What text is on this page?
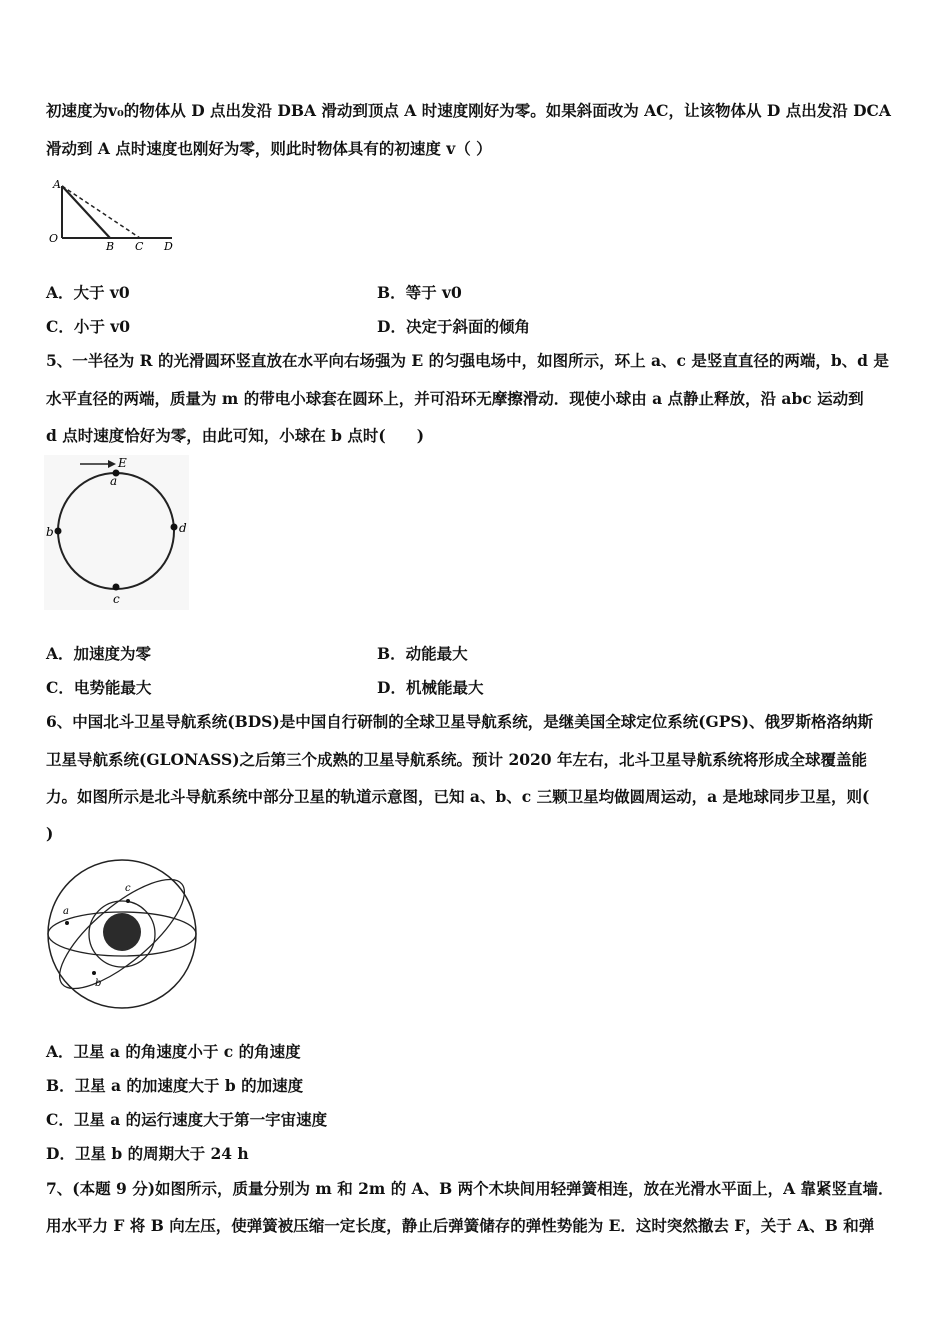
初速度为v₀的物体从 D 点出发沿 DBA 滑动到顶点 A 时速度刚好为零。如果斜面改为 AC，让该物体从 D 点出发沿 DCA
滑动到 A 点时速度也刚好为零，则此时物体具有的初速度 v（ ）
A
O
B C D
A．大于 v0	B．等于 v0
C．小于 v0	D．决定于斜面的倾角
5、一半径为 R 的光滑圆环竖直放在水平向右场强为 E 的匀强电场中，如图所示，环上 a、c 是竖直直径的两端，b、d 是
水平直径的两端，质量为 m 的带电小球套在圆环上，并可沿环无摩擦滑动．现使小球由 a 点静止释放，沿 abc 运动到
d 点时速度恰好为零，由此可知，小球在 b 点时(　　)
E
a
b	d
c
A．加速度为零	B．动能最大
C．电势能最大	D．机械能最大
6、中国北斗卫星导航系统(BDS)是中国自行研制的全球卫星导航系统，是继美国全球定位系统(GPS)、俄罗斯格洛纳斯
卫星导航系统(GLONASS)之后第三个成熟的卫星导航系统。预计 2020 年左右，北斗卫星导航系统将形成全球覆盖能
力。如图所示是北斗导航系统中部分卫星的轨道示意图，已知 a、b、c 三颗卫星均做圆周运动，a 是地球同步卫星，则(
)
a
c
b
A．卫星 a 的角速度小于 c 的角速度
B．卫星 a 的加速度大于 b 的加速度
C．卫星 a 的运行速度大于第一宇宙速度
D．卫星 b 的周期大于 24 h
7、(本题 9 分)如图所示，质量分别为 m 和 2m 的 A、B 两个木块间用轻弹簧相连，放在光滑水平面上，A 靠紧竖直墙．
用水平力 F 将 B 向左压，使弹簧被压缩一定长度，静止后弹簧储存的弹性势能为 E．这时突然撤去 F，关于 A、B 和弹
